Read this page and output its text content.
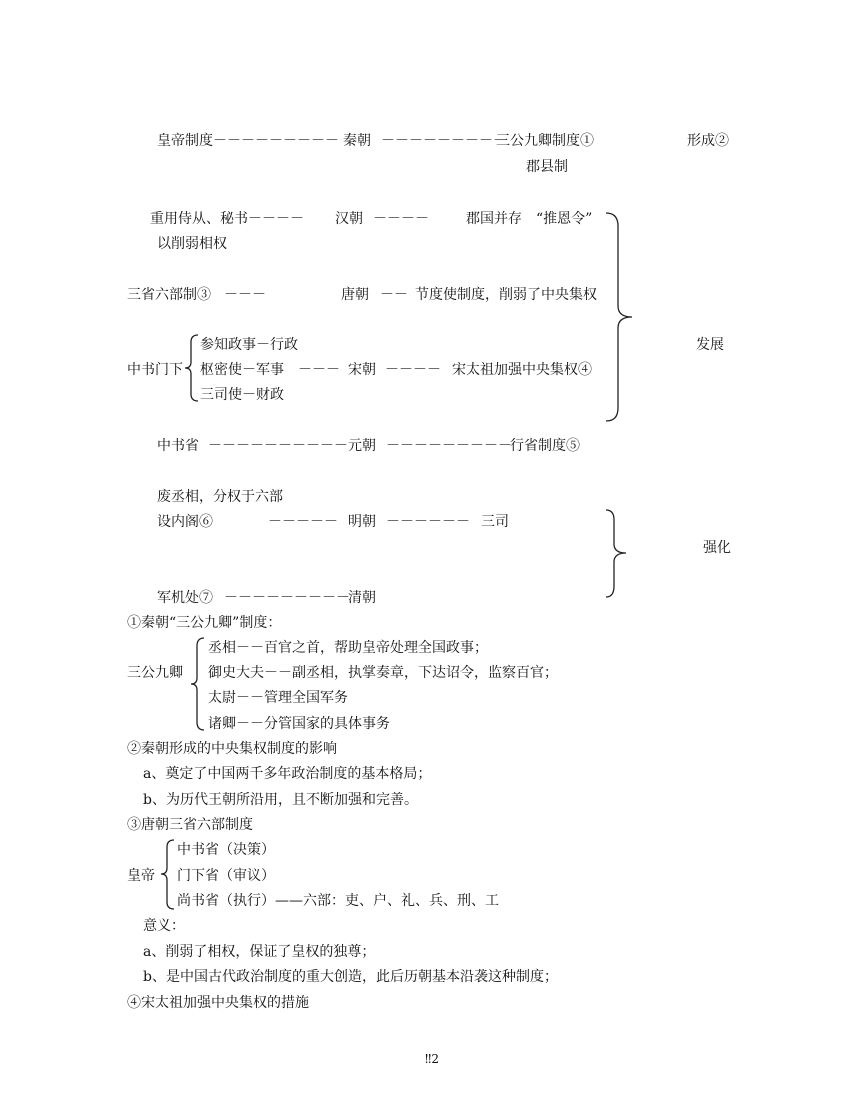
皇帝制度－－－－－－－－－ 秦朝 －－－－－－－－－
三公九卿制度①	形成②
郡县制
重用侍从、秘书－－－－ 汉朝 －－－－	郡国并存　“推恩令”
以削弱相权
三省六部制③ －－－	唐朝 －－ 节度使制度，削弱了中央集权
发展
参知政事－行政
中书门下 枢密使－军事 －－－ 宋朝 －－－－ 宋太祖加强中央集权④
三司使－财政
中书省 －－－－－－－－－－ 元朝 －－－－－－－－－
行省制度⑤
废丞相，分权于六部
设内阁⑥	－－－－－ 明朝 －－－－－－ 三司
强化
军机处⑦ －－－－－－－－－
清朝
①秦朝“三公九卿”制度：
丞相－－百官之首，帮助皇帝处理全国政事；
三公九卿 御史大夫－－副丞相，执掌奏章，下达诏令，监察百官；
太尉－－管理全国军务
诸卿－－分管国家的具体事务
②秦朝形成的中央集权制度的影响
a、奠定了中国两千多年政治制度的基本格局；
b、为历代王朝所沿用，且不断加强和完善。
③唐朝三省六部制度
中书省（决策）
皇帝 门下省（审议）
尚书省（执行）——六部：吏、户、礼、兵、刑、工
意义：
a、削弱了相权，保证了皇权的独尊；
b、是中国古代政治制度的重大创造，此后历朝基本沿袭这种制度；
④宋太祖加强中央集权的措施
‼2
